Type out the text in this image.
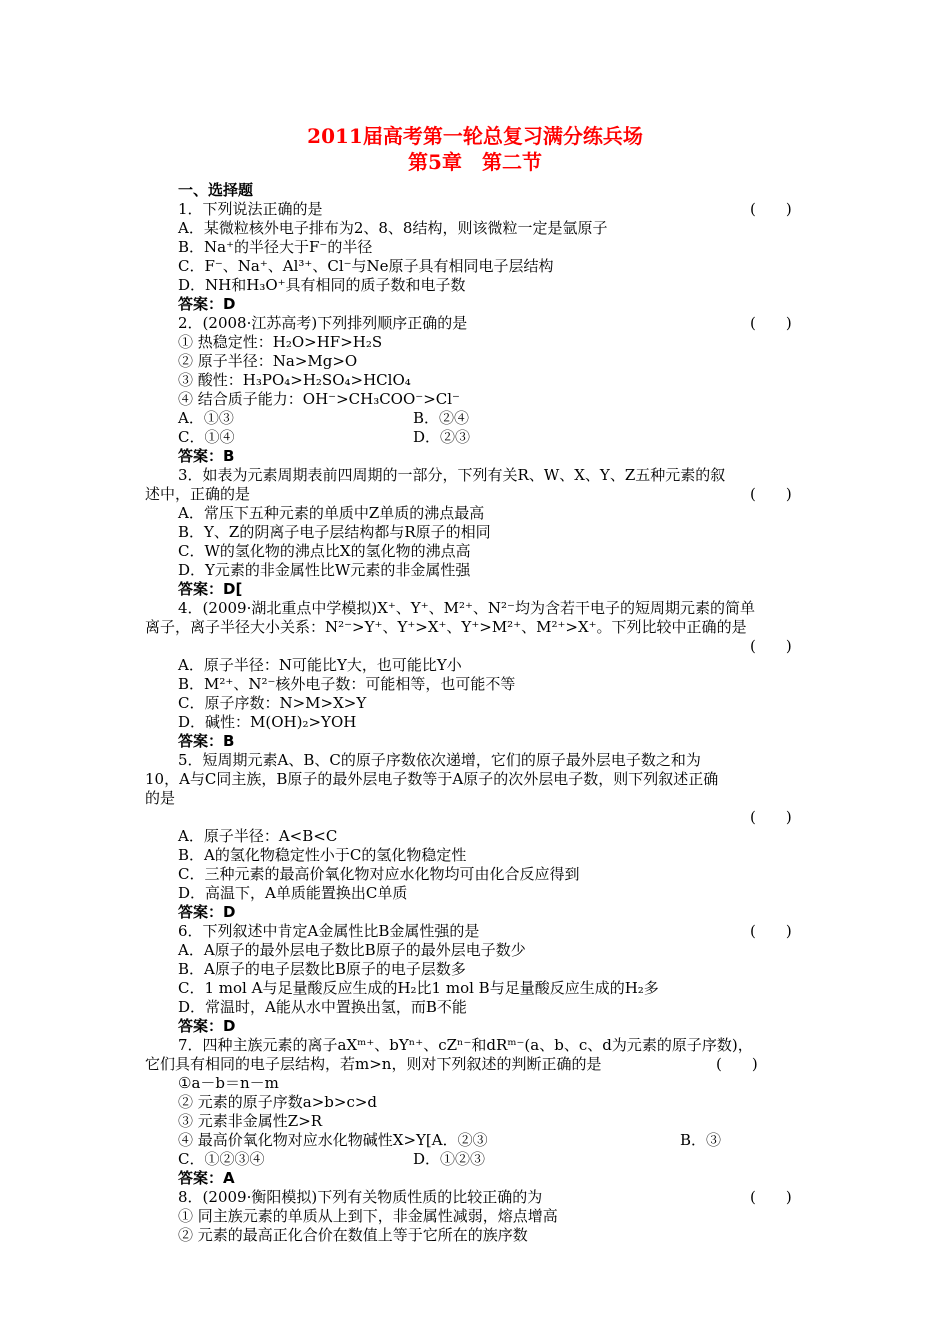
2011届高考第一轮总复习满分练兵场
第5章　第二节
一、选择题
1．下列说法正确的是	(　　)
A．某微粒核外电子排布为2、8、8结构，则该微粒一定是氩原子
B．Na⁺的半径大于F⁻的半径
C．F⁻、Na⁺、Al³⁺、Cl⁻与Ne原子具有相同电子层结构
D．NH和H₃O⁺具有相同的质子数和电子数
答案：D
2．(2008·江苏高考)下列排列顺序正确的是	(　　)
① 热稳定性：H₂O>HF>H₂S
② 原子半径：Na>Mg>O
③ 酸性：H₃PO₄>H₂SO₄>HClO₄
④ 结合质子能力：OH⁻>CH₃COO⁻>Cl⁻
A．①③	B．②④
C．①④	D．②③
答案：B
3．如表为元素周期表前四周期的一部分，下列有关R、W、X、Y、Z五种元素的叙
述中，正确的是	(　　)
A．常压下五种元素的单质中Z单质的沸点最高
B．Y、Z的阴离子电子层结构都与R原子的相同
C．W的氢化物的沸点比X的氢化物的沸点高
D．Y元素的非金属性比W元素的非金属性强
答案：D[
4．(2009·湖北重点中学模拟)X⁺、Y⁺、M²⁺、N²⁻均为含若干电子的短周期元素的简单
离子，离子半径大小关系：N²⁻>Y⁺、Y⁺>X⁺、Y⁺>M²⁺、M²⁺>X⁺。下列比较中正确的是
(　　)
A．原子半径：N可能比Y大，也可能比Y小
B．M²⁺、N²⁻核外电子数：可能相等，也可能不等
C．原子序数：N>M>X>Y
D．碱性：M(OH)₂>YOH
答案：B
5．短周期元素A、B、C的原子序数依次递增，它们的原子最外层电子数之和为
10，A与C同主族，B原子的最外层电子数等于A原子的次外层电子数，则下列叙述正确
的是
(　　)
A．原子半径：A<B<C
B．A的氢化物稳定性小于C的氢化物稳定性
C．三种元素的最高价氧化物对应水化物均可由化合反应得到
D．高温下，A单质能置换出C单质
答案：D
6．下列叙述中肯定A金属性比B金属性强的是	(　　)
A．A原子的最外层电子数比B原子的最外层电子数少
B．A原子的电子层数比B原子的电子层数多
C．1 mol A与足量酸反应生成的H₂比1 mol B与足量酸反应生成的H₂多
D．常温时，A能从水中置换出氢，而B不能
答案：D
7．四种主族元素的离子aXᵐ⁺、bYⁿ⁺、cZⁿ⁻和dRᵐ⁻(a、b、c、d为元素的原子序数)，
它们具有相同的电子层结构，若m>n，则对下列叙述的判断正确的是	(　　)
①a－b＝n－m
② 元素的原子序数a>b>c>d
③ 元素非金属性Z>R
④ 最高价氧化物对应水化物碱性X>Y[A．②③	B．③
C．①②③④	D．①②③
答案：A
8．(2009·衡阳模拟)下列有关物质性质的比较正确的为	(　　)
① 同主族元素的单质从上到下，非金属性减弱，熔点增高
② 元素的最高正化合价在数值上等于它所在的族序数
